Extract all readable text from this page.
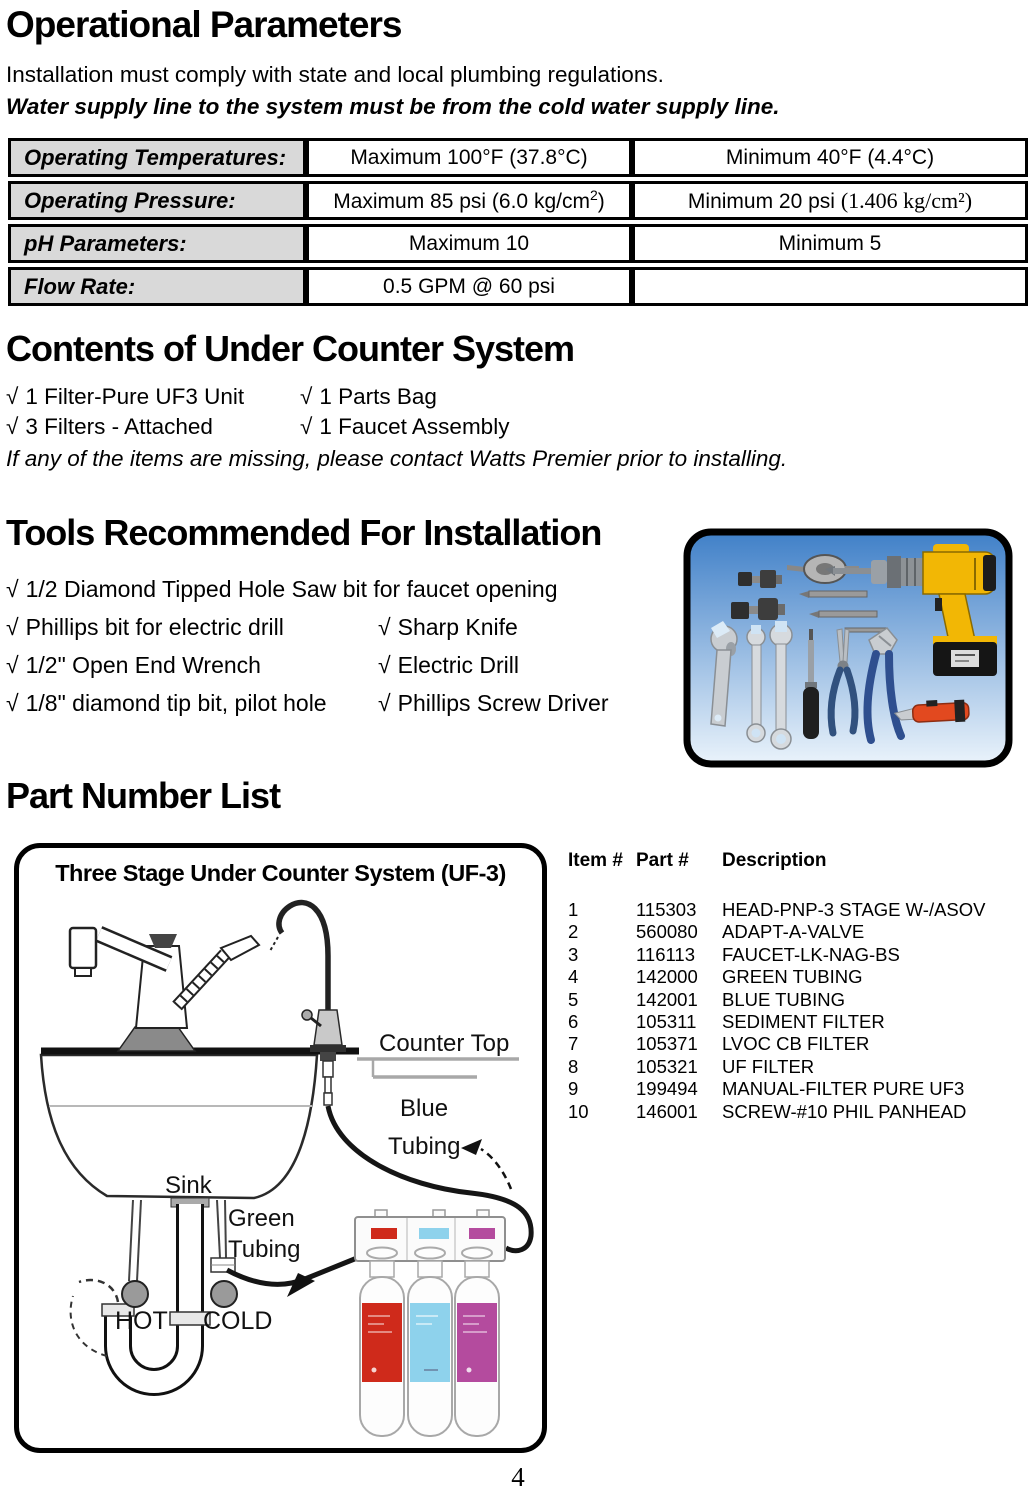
Operational Parameters
Installation must comply with state and local plumbing regulations.
Water supply line to the system must be from the cold water supply line.
Operating Temperatures:	Maximum 100°F (37.8°C)	Minimum 40°F (4.4°C)
Operating Pressure:	Maximum 85 psi (6.0 $kg/cm^2$)	Minimum 20 psi (1.406 kg/cm²)
pH Parameters:	Maximum 10	Minimum 5
Flow Rate:	0.5 GPM @ 60 psi	
Contents of Under Counter System
√ 1 Filter-Pure UF3 Unit √ 1 Parts Bag
√ 3 Filters - Attached	√ 1 Faucet Assembly
If any of the items are missing, please contact Watts Premier prior to installing.
Tools Recommended For Installation
√ 1/2 Diamond Tipped Hole Saw bit for faucet opening
√ Phillips bit for electric drill	√ Sharp Knife
√ 1/2" Open End Wrench	√ Electric Drill
√ 1/8" diamond tip bit, pilot hole √ Phillips Screw Driver
Part Number List
Item # Part #	Description
1	115303	HEAD-PNP-3 STAGE W-/ASOV
2	560080	ADAPT-A-VALVE
3	116113	FAUCET-LK-NAG-BS
4	142000	GREEN TUBING
5	142001	BLUE TUBING
6	105311	SEDIMENT FILTER
7	105371	LVOC CB FILTER
8	105321	UF FILTER
9	199494	MANUAL-FILTER PURE UF3
10	146001	SCREW-#10 PHIL PANHEAD
Three Stage Under Counter System (UF-3)
Counter Top
Blue
Tubing
Green
Tubing
Sink
HOT COLD
4
